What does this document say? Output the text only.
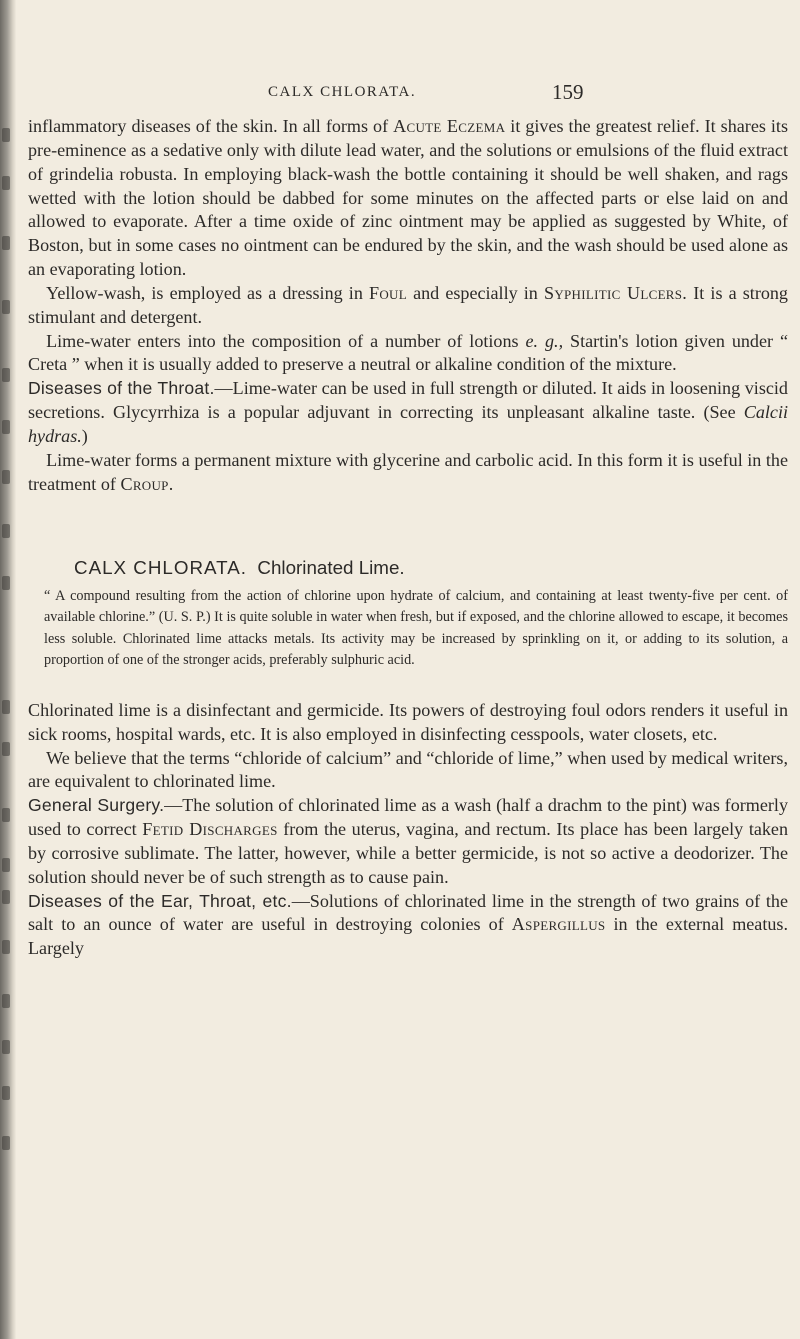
CALX CHLORATA.	159

inflammatory diseases of the skin. In all forms of Acute Eczema it gives the greatest relief. It shares its pre-eminence as a sedative only with dilute lead water, and the solutions or emulsions of the fluid extract of grindelia robusta. In employing black-wash the bottle containing it should be well shaken, and rags wetted with the lotion should be dabbed for some minutes on the affected parts or else laid on and allowed to evaporate. After a time oxide of zinc ointment may be applied as suggested by White, of Boston, but in some cases no ointment can be endured by the skin, and the wash should be used alone as an evaporating lotion.

 Yellow-wash, is employed as a dressing in Foul and especially in Syphilitic Ulcers. It is a strong stimulant and detergent.

 Lime-water enters into the composition of a number of lotions e. g., Startin's lotion given under “ Creta ” when it is usually added to preserve a neutral or alkaline condition of the mixture.

Diseases of the Throat.—Lime-water can be used in full strength or diluted. It aids in loosening viscid secretions. Glycyrrhiza is a popular adjuvant in correcting its unpleasant alkaline taste. (See Calcii hydras.)

 Lime-water forms a permanent mixture with glycerine and carbolic acid. In this form it is useful in the treatment of Croup.

CALX CHLORATA. Chlorinated Lime.

“ A compound resulting from the action of chlorine upon hydrate of calcium, and containing at least twenty-five per cent. of available chlorine.” (U. S. P.) It is quite soluble in water when fresh, but if exposed, and the chlorine allowed to escape, it becomes less soluble. Chlorinated lime attacks metals. Its activity may be increased by sprinkling on it, or adding to its solution, a proportion of one of the stronger acids, preferably sulphuric acid.

Chlorinated lime is a disinfectant and germicide. Its powers of destroying foul odors renders it useful in sick rooms, hospital wards, etc. It is also employed in disinfecting cesspools, water closets, etc.

 We believe that the terms “chloride of calcium” and “chloride of lime,” when used by medical writers, are equivalent to chlorinated lime.

General Surgery.—The solution of chlorinated lime as a wash (half a drachm to the pint) was formerly used to correct Fetid Discharges from the uterus, vagina, and rectum. Its place has been largely taken by corrosive sublimate. The latter, however, while a better germicide, is not so active a deodorizer. The solution should never be of such strength as to cause pain.

Diseases of the Ear, Throat, etc.—Solutions of chlorinated lime in the strength of two grains of the salt to an ounce of water are useful in destroying colonies of Aspergillus in the external meatus. Largely
